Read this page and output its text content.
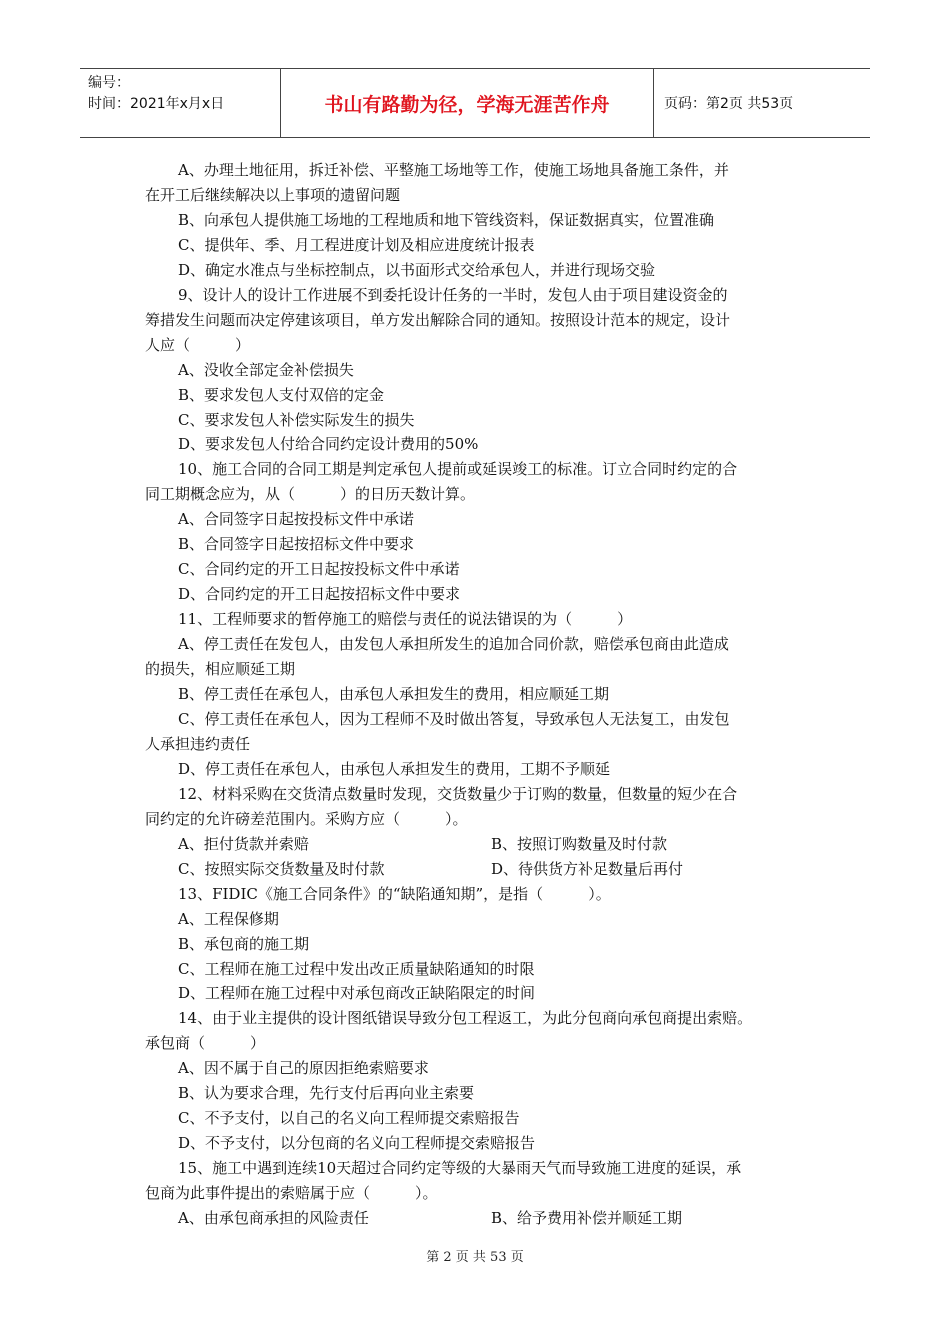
编号：
时间：2021年x月x日	书山有路勤为径，学海无涯苦作舟	页码：第2页 共53页
A、办理土地征用，拆迁补偿、平整施工场地等工作，使施工场地具备施工条件，并
在开工后继续解决以上事项的遗留问题
B、向承包人提供施工场地的工程地质和地下管线资料，保证数据真实，位置准确
C、提供年、季、月工程进度计划及相应进度统计报表
D、确定水准点与坐标控制点，以书面形式交给承包人，并进行现场交验
9、设计人的设计工作进展不到委托设计任务的一半时，发包人由于项目建设资金的
筹措发生问题而决定停建该项目，单方发出解除合同的通知。按照设计范本的规定，设计
人应（　　　）
A、没收全部定金补偿损失
B、要求发包人支付双倍的定金
C、要求发包人补偿实际发生的损失
D、要求发包人付给合同约定设计费用的50%
10、施工合同的合同工期是判定承包人提前或延误竣工的标准。订立合同时约定的合
同工期概念应为，从（　　　）的日历天数计算。
A、合同签字日起按投标文件中承诺
B、合同签字日起按招标文件中要求
C、合同约定的开工日起按投标文件中承诺
D、合同约定的开工日起按招标文件中要求
11、工程师要求的暂停施工的赔偿与责任的说法错误的为（　　　）
A、停工责任在发包人，由发包人承担所发生的追加合同价款，赔偿承包商由此造成
的损失，相应顺延工期
B、停工责任在承包人，由承包人承担发生的费用，相应顺延工期
C、停工责任在承包人，因为工程师不及时做出答复，导致承包人无法复工，由发包
人承担违约责任
D、停工责任在承包人，由承包人承担发生的费用，工期不予顺延
12、材料采购在交货清点数量时发现，交货数量少于订购的数量，但数量的短少在合
同约定的允许磅差范围内。采购方应（　　　）。
A、拒付货款并索赔	B、按照订购数量及时付款
C、按照实际交货数量及时付款	D、待供货方补足数量后再付
13、FIDIC《施工合同条件》的“缺陷通知期”，是指（　　　）。
A、工程保修期
B、承包商的施工期
C、工程师在施工过程中发出改正质量缺陷通知的时限
D、工程师在施工过程中对承包商改正缺陷限定的时间
14、由于业主提供的设计图纸错误导致分包工程返工，为此分包商向承包商提出索赔。
承包商（　　　）
A、因不属于自己的原因拒绝索赔要求
B、认为要求合理，先行支付后再向业主索要
C、不予支付，以自己的名义向工程师提交索赔报告
D、不予支付，以分包商的名义向工程师提交索赔报告
15、施工中遇到连续10天超过合同约定等级的大暴雨天气而导致施工进度的延误，承
包商为此事件提出的索赔属于应（　　　）。
A、由承包商承担的风险责任	B、给予费用补偿并顺延工期
第 2 页 共 53 页
